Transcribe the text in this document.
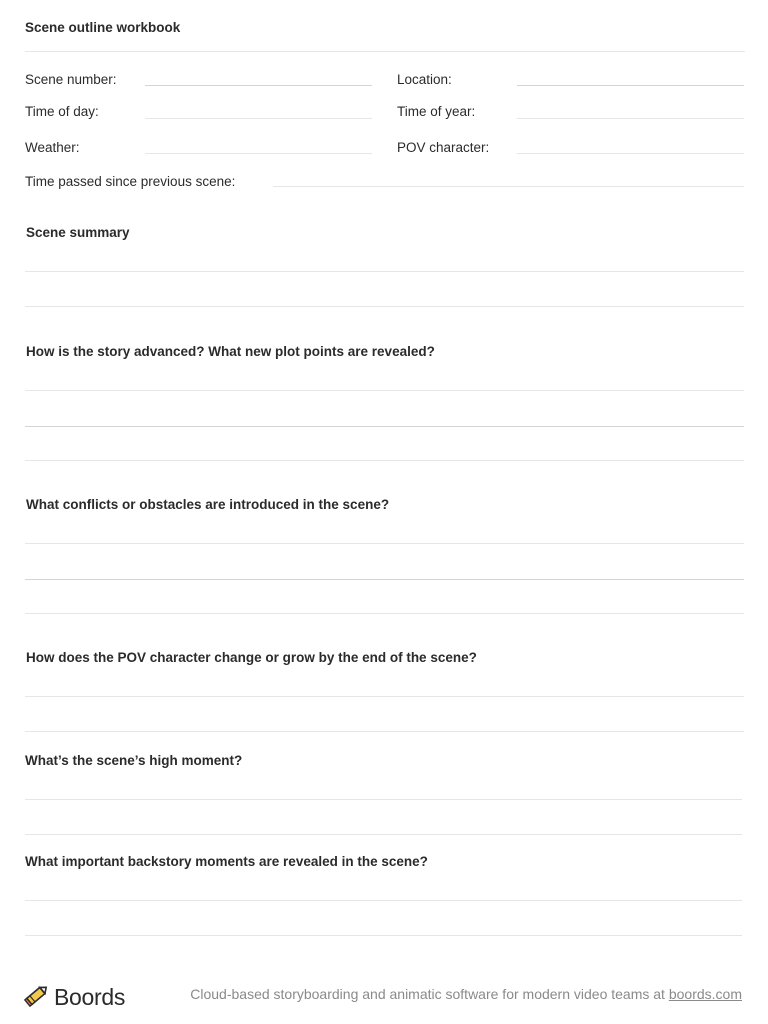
Scene outline workbook
Scene number:	Location:
Time of day:	Time of year:
Weather:	POV character:
Time passed since previous scene:
Scene summary
How is the story advanced? What new plot points are revealed?
What conflicts or obstacles are introduced in the scene?
How does the POV character change or grow by the end of the scene?
What’s the scene’s high moment?
What important backstory moments are revealed in the scene?
Boords	Cloud-based storyboarding and animatic software for modern video teams at boords.com
